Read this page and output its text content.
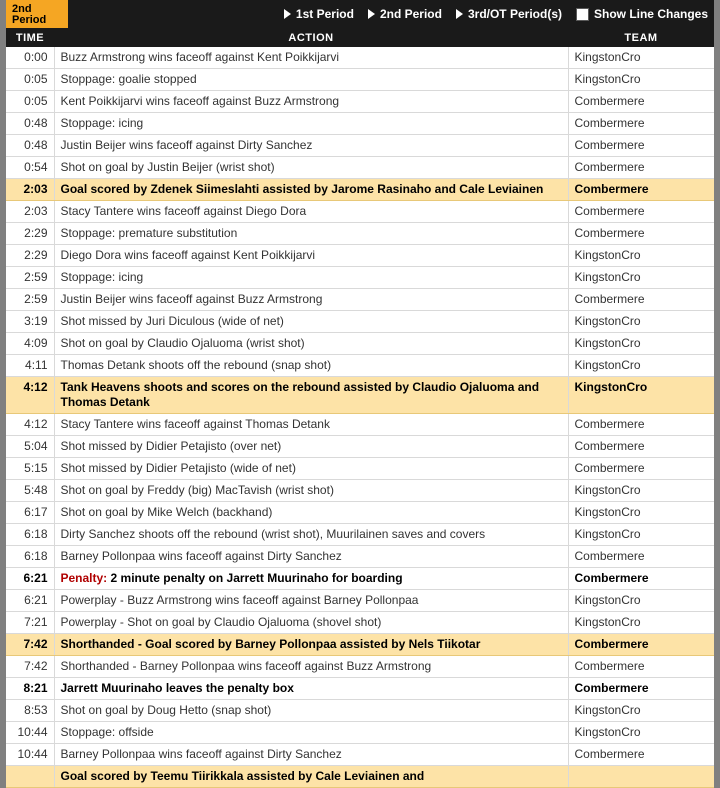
2nd
Period	1st Period 2nd Period 3rd/OT Period(s)	Show Line Changes
TIME	ACTION	TEAM
0:00	Buzz Armstrong wins faceoff against Kent Poikkijarvi	KingstonCro
0:05	Stoppage: goalie stopped	KingstonCro
0:05	Kent Poikkijarvi wins faceoff against Buzz Armstrong	Combermere
0:48	Stoppage: icing	Combermere
0:48	Justin Beijer wins faceoff against Dirty Sanchez	Combermere
0:54	Shot on goal by Justin Beijer (wrist shot)	Combermere
2:03	Goal scored by Zdenek Siimeslahti assisted by Jarome Rasinaho and Cale Leviainen	Combermere
2:03	Stacy Tantere wins faceoff against Diego Dora	Combermere
2:29	Stoppage: premature substitution	Combermere
2:29	Diego Dora wins faceoff against Kent Poikkijarvi	KingstonCro
2:59	Stoppage: icing	KingstonCro
2:59	Justin Beijer wins faceoff against Buzz Armstrong	Combermere
3:19	Shot missed by Juri Diculous (wide of net)	KingstonCro
4:09	Shot on goal by Claudio Ojaluoma (wrist shot)	KingstonCro
4:11	Thomas Detank shoots off the rebound (snap shot)	KingstonCro
4:12	Tank Heavens shoots and scores on the rebound assisted by Claudio Ojaluoma and Thomas Detank	KingstonCro
4:12	Stacy Tantere wins faceoff against Thomas Detank	Combermere
5:04	Shot missed by Didier Petajisto (over net)	Combermere
5:15	Shot missed by Didier Petajisto (wide of net)	Combermere
5:48	Shot on goal by Freddy (big) MacTavish (wrist shot)	KingstonCro
6:17	Shot on goal by Mike Welch (backhand)	KingstonCro
6:18	Dirty Sanchez shoots off the rebound (wrist shot), Muurilainen saves and covers	KingstonCro
6:18	Barney Pollonpaa wins faceoff against Dirty Sanchez	Combermere
6:21	Penalty: 2 minute penalty on Jarrett Muurinaho for boarding	Combermere
6:21	Powerplay - Buzz Armstrong wins faceoff against Barney Pollonpaa	KingstonCro
7:21	Powerplay - Shot on goal by Claudio Ojaluoma (shovel shot)	KingstonCro
7:42	Shorthanded - Goal scored by Barney Pollonpaa assisted by Nels Tiikotar	Combermere
7:42	Shorthanded - Barney Pollonpaa wins faceoff against Buzz Armstrong	Combermere
8:21	Jarrett Muurinaho leaves the penalty box	Combermere
8:53	Shot on goal by Doug Hetto (snap shot)	KingstonCro
10:44	Stoppage: offside	KingstonCro
10:44	Barney Pollonpaa wins faceoff against Dirty Sanchez	Combermere
	Goal scored by Teemu Tiirikkala assisted by Cale Leviainen and	
